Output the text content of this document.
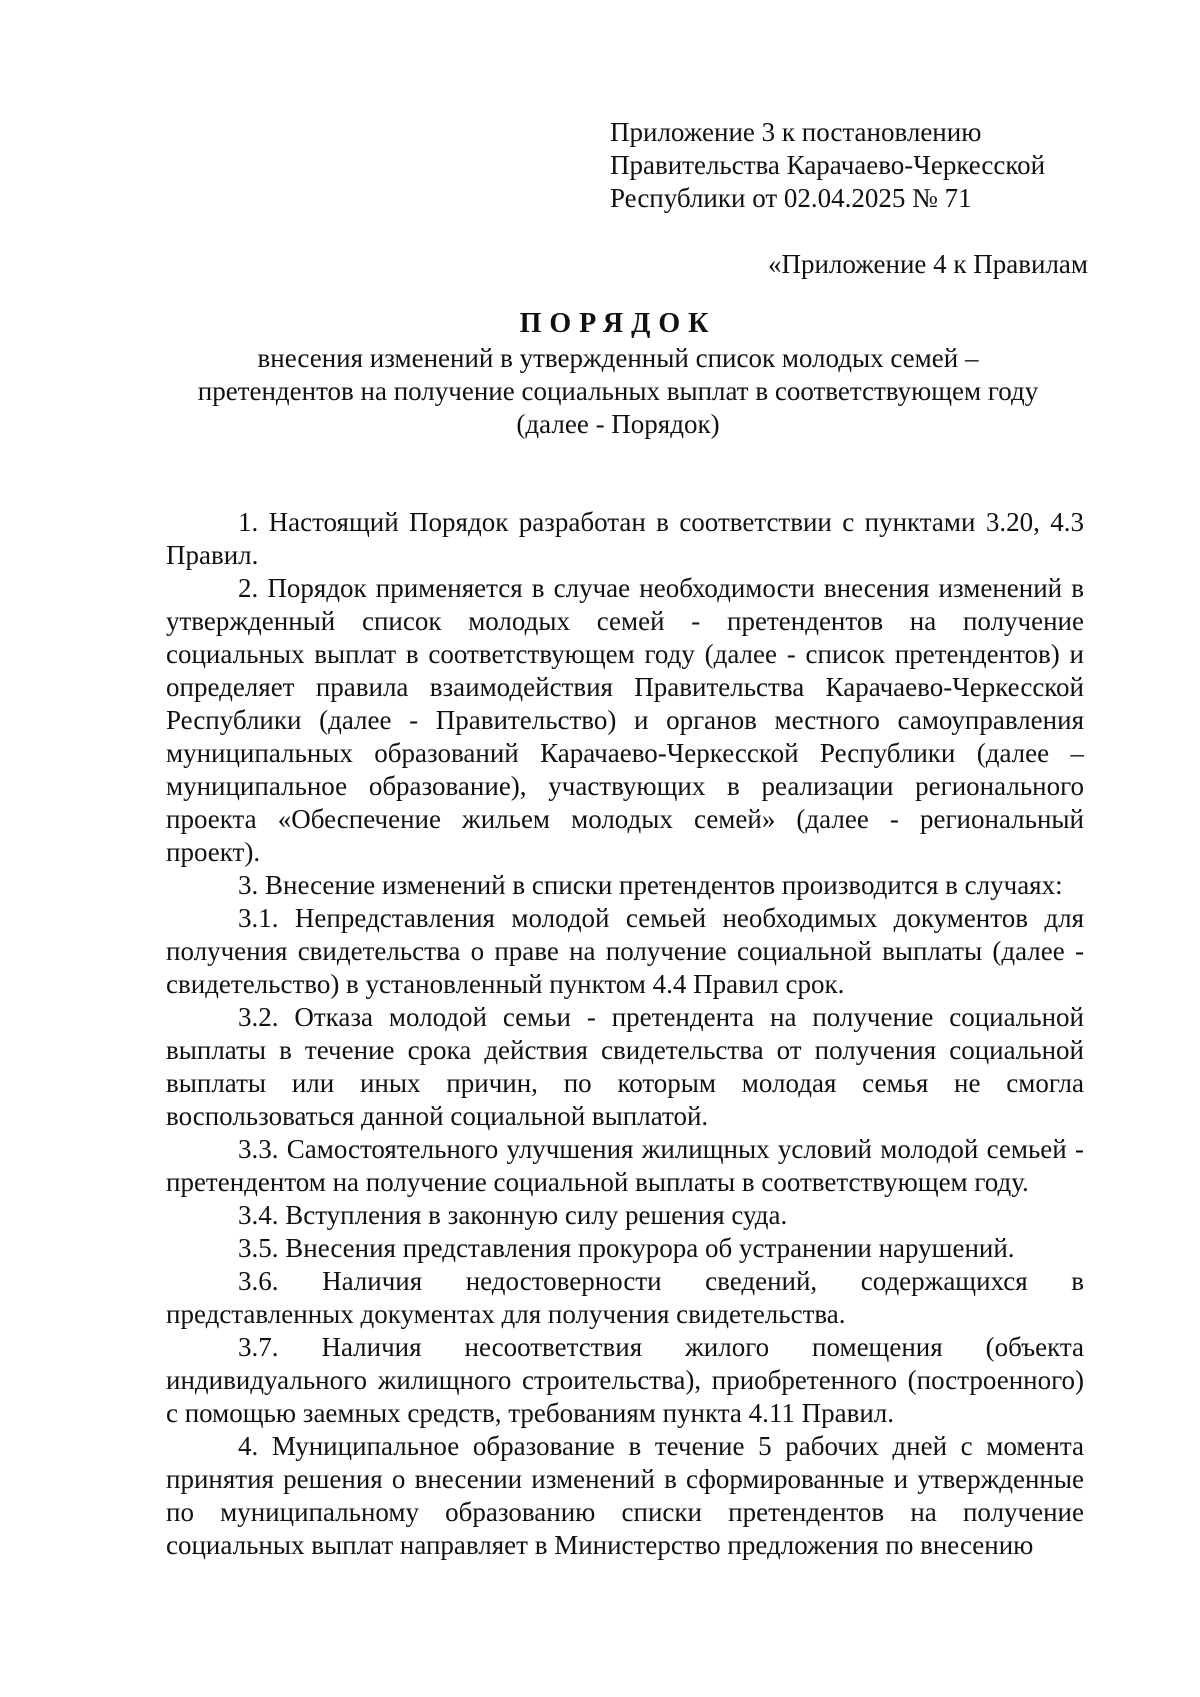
Приложение 3 к постановлению
Правительства Карачаево-Черкесской
Республики от 02.04.2025 № 71
«Приложение 4 к Правилам
ПОРЯДОК
внесения изменений в утвержденный список молодых семей –
претендентов на получение социальных выплат в соответствующем году
(далее - Порядок)

1. Настоящий Порядок разработан в соответствии с пунктами 3.20, 4.3 Правил.

2. Порядок применяется в случае необходимости внесения изменений в утвержденный список молодых семей - претендентов на получение социальных выплат в соответствующем году (далее - список претендентов) и определяет правила взаимодействия Правительства Карачаево-Черкесской Республики (далее - Правительство) и органов местного самоуправления муниципальных образований Карачаево-Черкесской Республики (далее – муниципальное образование), участвующих в реализации регионального проекта «Обеспечение жильем молодых семей» (далее - региональный проект).

3. Внесение изменений в списки претендентов производится в случаях:

3.1. Непредставления молодой семьей необходимых документов для получения свидетельства о праве на получение социальной выплаты (далее - свидетельство) в установленный пунктом 4.4 Правил срок.

3.2. Отказа молодой семьи - претендента на получение социальной выплаты в течение срока действия свидетельства от получения социальной выплаты или иных причин, по которым молодая семья не смогла воспользоваться данной социальной выплатой.

3.3. Самостоятельного улучшения жилищных условий молодой семьей - претендентом на получение социальной выплаты в соответствующем году.

3.4. Вступления в законную силу решения суда.

3.5. Внесения представления прокурора об устранении нарушений.

3.6. Наличия недостоверности сведений, содержащихся в представленных документах для получения свидетельства.

3.7. Наличия несоответствия жилого помещения (объекта индивидуального жилищного строительства), приобретенного (построенного) с помощью заемных средств, требованиям пункта 4.11 Правил.

4. Муниципальное образование в течение 5 рабочих дней с момента принятия решения о внесении изменений в сформированные и утвержденные по муниципальному образованию списки претендентов на получение социальных выплат направляет в Министерство предложения по внесению
